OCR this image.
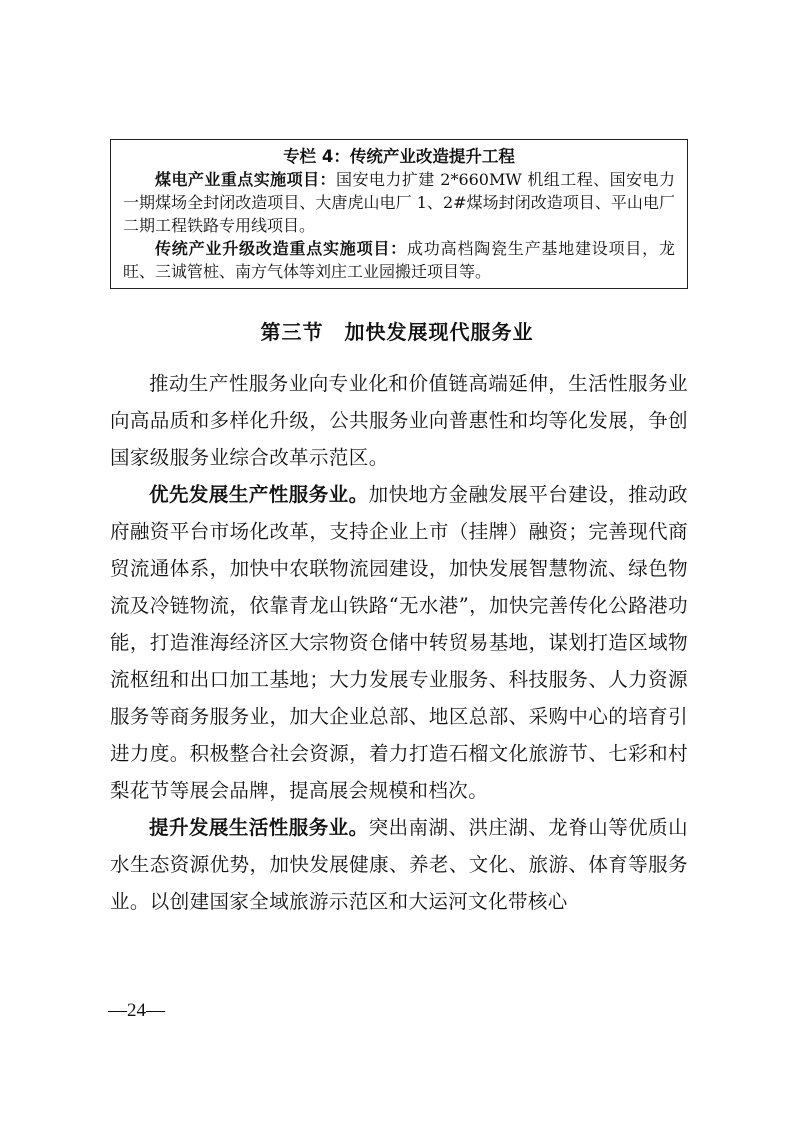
专栏 4：传统产业改造提升工程

煤电产业重点实施项目：国安电力扩建 2*660MW 机组工程、国安电力一期煤场全封闭改造项目、大唐虎山电厂 1、2#煤场封闭改造项目、平山电厂二期工程铁路专用线项目。

传统产业升级改造重点实施项目：成功高档陶瓷生产基地建设项目，龙旺、三诚管桩、南方气体等刘庄工业园搬迁项目等。

第三节　加快发展现代服务业

推动生产性服务业向专业化和价值链高端延伸，生活性服务业向高品质和多样化升级，公共服务业向普惠性和均等化发展，争创国家级服务业综合改革示范区。

优先发展生产性服务业。加快地方金融发展平台建设，推动政府融资平台市场化改革，支持企业上市（挂牌）融资；完善现代商贸流通体系，加快中农联物流园建设，加快发展智慧物流、绿色物流及冷链物流，依靠青龙山铁路“无水港”，加快完善传化公路港功能，打造淮海经济区大宗物资仓储中转贸易基地，谋划打造区域物流枢纽和出口加工基地；大力发展专业服务、科技服务、人力资源服务等商务服务业，加大企业总部、地区总部、采购中心的培育引进力度。积极整合社会资源，着力打造石榴文化旅游节、七彩和村梨花节等展会品牌，提高展会规模和档次。

提升发展生活性服务业。突出南湖、洪庄湖、龙脊山等优质山水生态资源优势，加快发展健康、养老、文化、旅游、体育等服务业。以创建国家全域旅游示范区和大运河文化带核心

—24—
